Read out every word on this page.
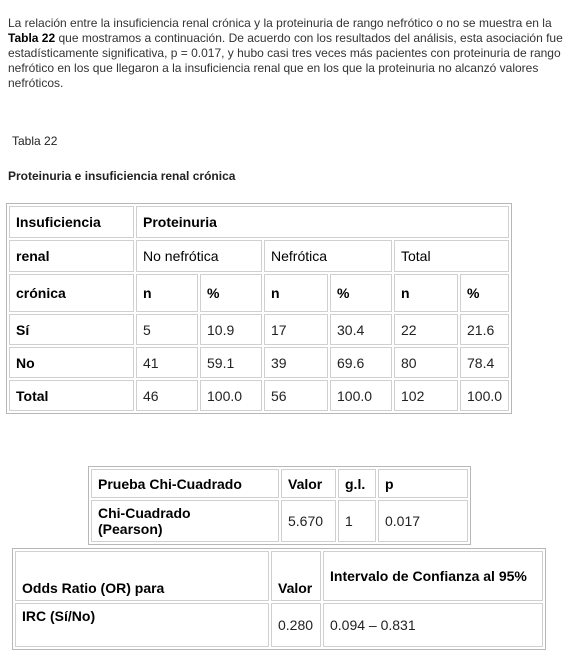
La relación entre la insuficiencia renal crónica y la proteinuria de rango nefrótico o no se muestra en la Tabla 22 que mostramos a continuación. De acuerdo con los resultados del análisis, esta asociación fue estadísticamente significativa, p = 0.017, y hubo casi tres veces más pacientes con proteinuria de rango nefrótico en los que llegaron a la insuficiencia renal que en los que la proteinuria no alcanzó valores nefróticos.

Tabla 22
Proteinuria e insuficiencia renal crónica
Insuficiencia	Proteinuria					
renal	No nefrótica		Nefrótica		Total	
crónica	n	%	n	%	n	%
Sí	5	10.9	17	30.4	22	21.6
No	41	59.1	39	69.6	80	78.4
Total	46	100.0	56	100.0	102	100.0
Prueba Chi-Cuadrado	Valor	g.l.	p
Chi-Cuadrado
(Pearson)	5.670	1	0.017
Odds Ratio (OR) para	Valor	Intervalo de Confianza al 95%
IRC (Sí/No)	0.280	0.094 – 0.831
